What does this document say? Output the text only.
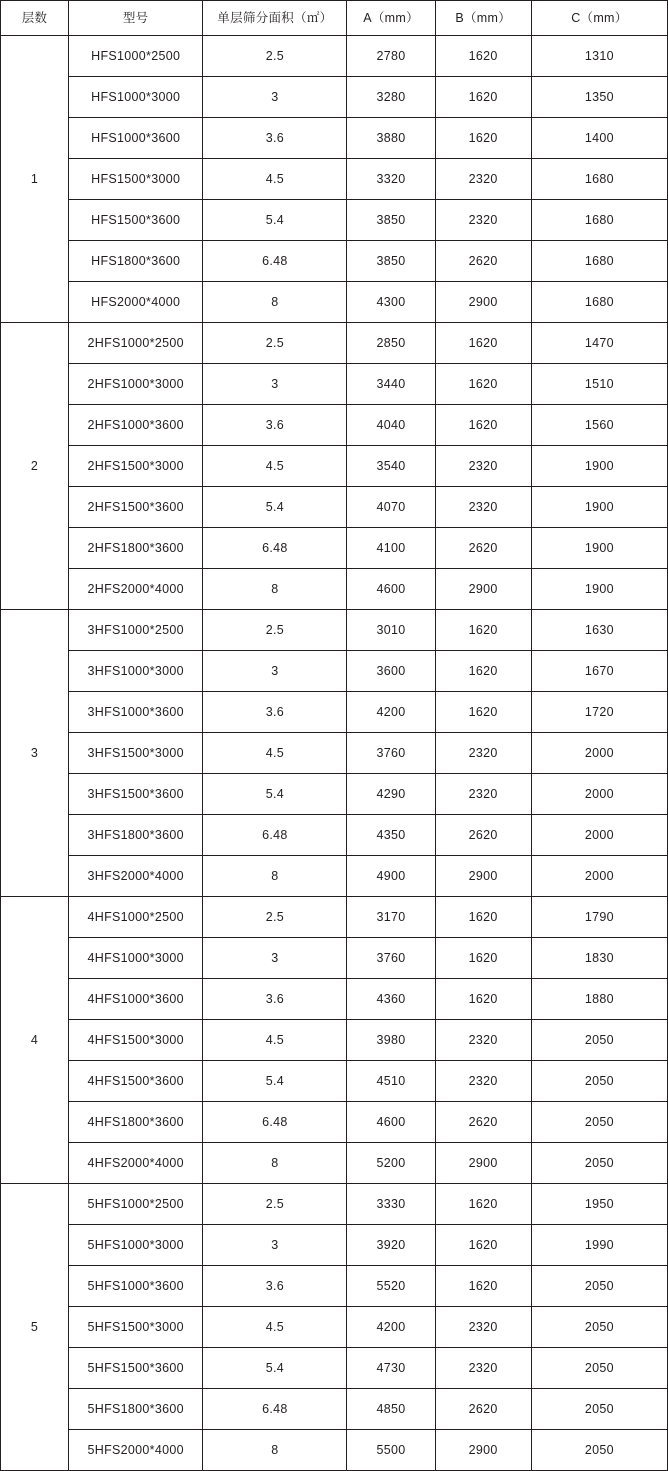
层数	型号	单层筛分面积（㎡）	A（mm）	B（mm）	C（mm）
1	HFS1000*2500	2.5	2780	1620	1310
	HFS1000*3000	3	3280	1620	1350
	HFS1000*3600	3.6	3880	1620	1400
	HFS1500*3000	4.5	3320	2320	1680
	HFS1500*3600	5.4	3850	2320	1680
	HFS1800*3600	6.48	3850	2620	1680
	HFS2000*4000	8	4300	2900	1680
2	2HFS1000*2500	2.5	2850	1620	1470
	2HFS1000*3000	3	3440	1620	1510
	2HFS1000*3600	3.6	4040	1620	1560
	2HFS1500*3000	4.5	3540	2320	1900
	2HFS1500*3600	5.4	4070	2320	1900
	2HFS1800*3600	6.48	4100	2620	1900
	2HFS2000*4000	8	4600	2900	1900
3	3HFS1000*2500	2.5	3010	1620	1630
	3HFS1000*3000	3	3600	1620	1670
	3HFS1000*3600	3.6	4200	1620	1720
	3HFS1500*3000	4.5	3760	2320	2000
	3HFS1500*3600	5.4	4290	2320	2000
	3HFS1800*3600	6.48	4350	2620	2000
	3HFS2000*4000	8	4900	2900	2000
4	4HFS1000*2500	2.5	3170	1620	1790
	4HFS1000*3000	3	3760	1620	1830
	4HFS1000*3600	3.6	4360	1620	1880
	4HFS1500*3000	4.5	3980	2320	2050
	4HFS1500*3600	5.4	4510	2320	2050
	4HFS1800*3600	6.48	4600	2620	2050
	4HFS2000*4000	8	5200	2900	2050
5	5HFS1000*2500	2.5	3330	1620	1950
	5HFS1000*3000	3	3920	1620	1990
	5HFS1000*3600	3.6	5520	1620	2050
	5HFS1500*3000	4.5	4200	2320	2050
	5HFS1500*3600	5.4	4730	2320	2050
	5HFS1800*3600	6.48	4850	2620	2050
	5HFS2000*4000	8	5500	2900	2050
